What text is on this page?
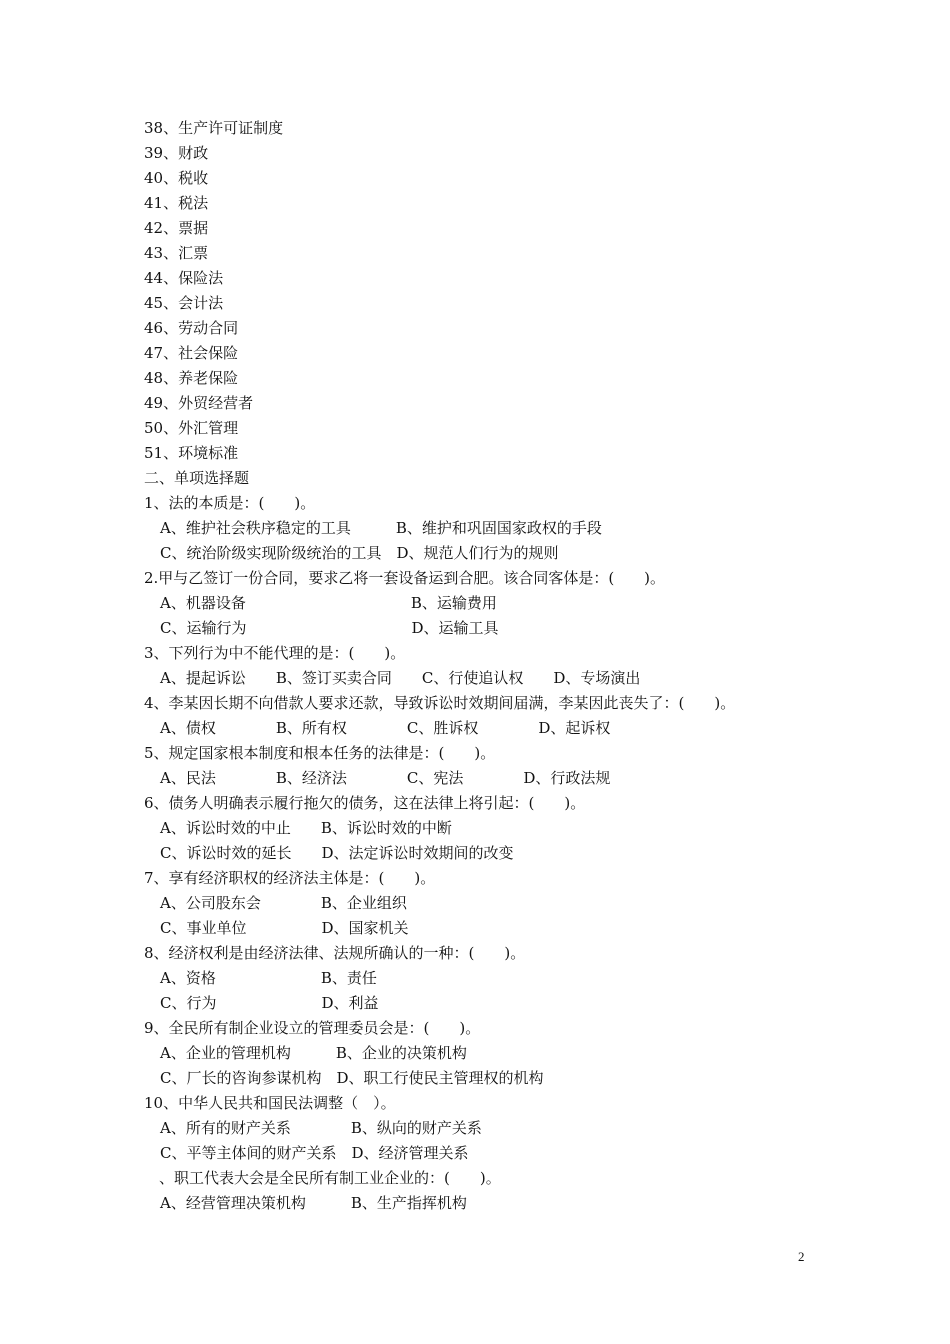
38、生产许可证制度
39、财政
40、税收
41、税法
42、票据
43、汇票
44、保险法
45、会计法
46、劳动合同
47、社会保险
48、养老保险
49、外贸经营者
50、外汇管理
51、环境标准
二、单项选择题
1、法的本质是：(　　)。
A、维护社会秩序稳定的工具　　　B、维护和巩固国家政权的手段
C、统治阶级实现阶级统治的工具　D、规范人们行为的规则
2.甲与乙签订一份合同，要求乙将一套设备运到合肥。该合同客体是：(　　)。
A、机器设备　　　　　　　　　　　B、运输费用
C、运输行为　　　　　　　　　　　D、运输工具
3、下列行为中不能代理的是：(　　)。
A、提起诉讼　　B、签订买卖合同　　C、行使追认权　　D、专场演出
4、李某因长期不向借款人要求还款，导致诉讼时效期间届满，李某因此丧失了：(　　)。
A、债权　　　　B、所有权　　　　C、胜诉权　　　　D、起诉权
5、规定国家根本制度和根本任务的法律是：(　　)。
A、民法　　　　B、经济法　　　　C、宪法　　　　D、行政法规
6、债务人明确表示履行拖欠的债务，这在法律上将引起：(　　)。
A、诉讼时效的中止　　B、诉讼时效的中断
C、诉讼时效的延长　　D、法定诉讼时效期间的改变
7、享有经济职权的经济法主体是：(　　)。
A、公司股东会　　　　B、企业组织
C、事业单位　　　　　D、国家机关
8、经济权利是由经济法律、法规所确认的一种：(　　)。
A、资格　　　　　　　B、责任
C、行为　　　　　　　D、利益
9、全民所有制企业设立的管理委员会是：(　　)。
A、企业的管理机构　　　B、企业的决策机构
C、厂长的咨询参谋机构　D、职工行使民主管理权的机构
10、中华人民共和国民法调整（　）。
A、所有的财产关系　　　　B、纵向的财产关系
C、平等主体间的财产关系　D、经济管理关系
　、职工代表大会是全民所有制工业企业的：(　　)。
A、经营管理决策机构　　　B、生产指挥机构
2
